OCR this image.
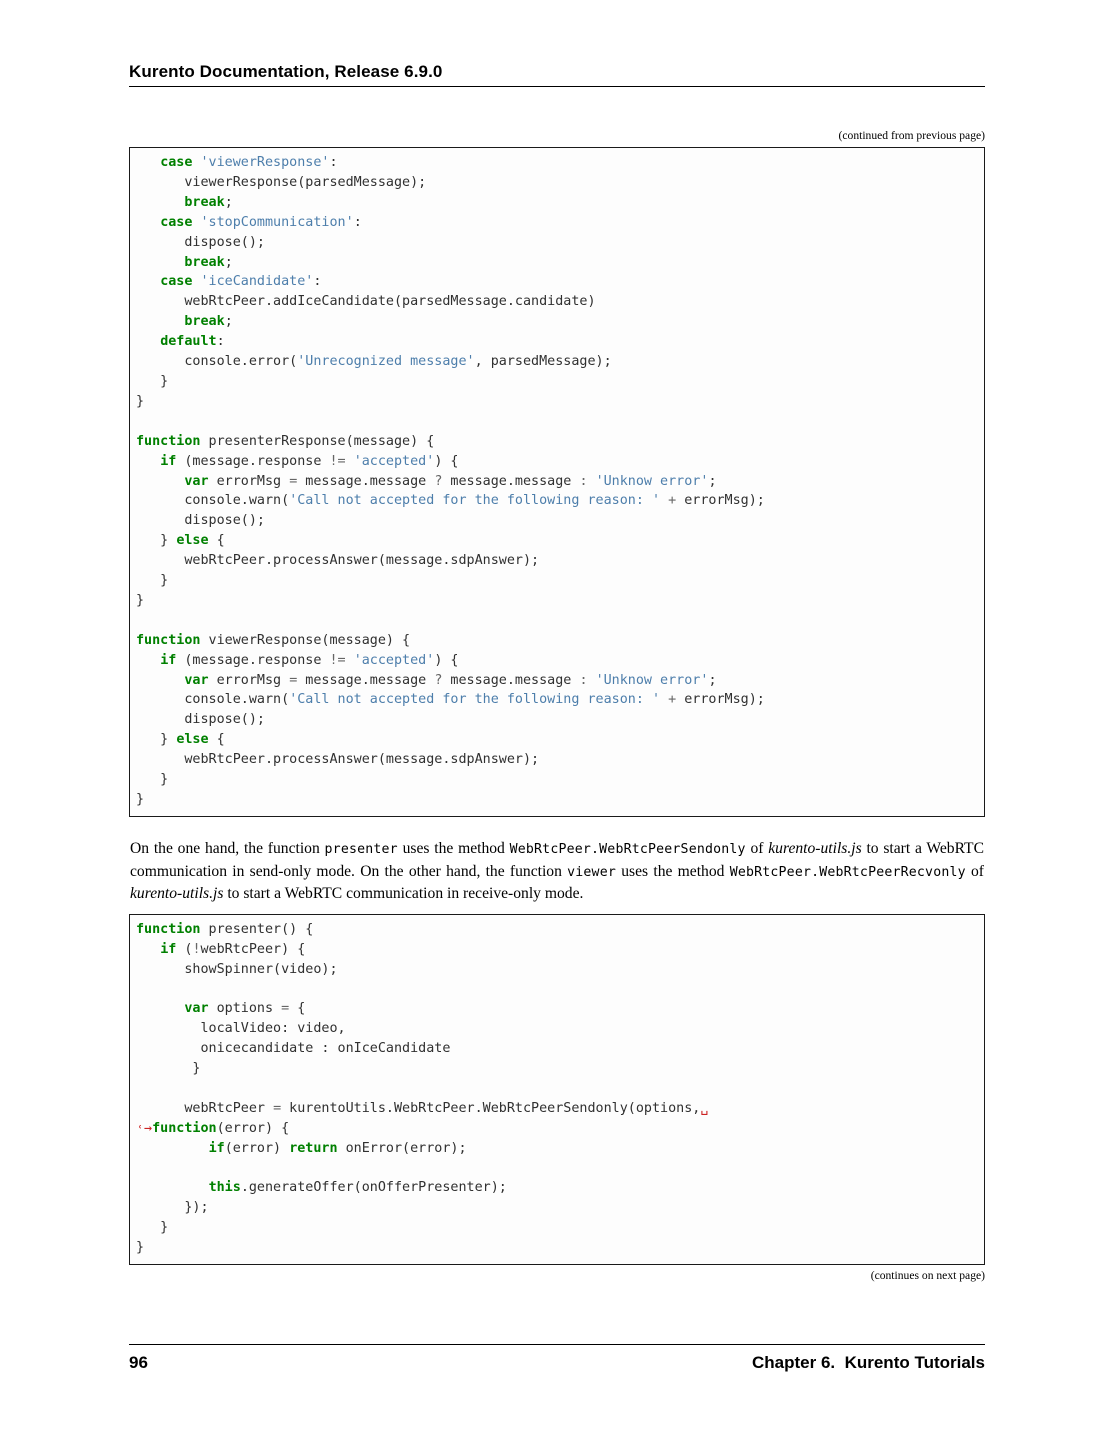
Kurento Documentation, Release 6.9.0
(continued from previous page)
case 'viewerResponse':
viewerResponse(parsedMessage);
break;
case 'stopCommunication':
dispose();
break;
case 'iceCandidate':
webRtcPeer.addIceCandidate(parsedMessage.candidate)
break;
default:
console.error('Unrecognized message', parsedMessage);
}
}

function presenterResponse(message) {
if (message.response != 'accepted') {
var errorMsg = message.message ? message.message : 'Unknow error';
console.warn('Call not accepted for the following reason: ' + errorMsg);
dispose();
} else {
webRtcPeer.processAnswer(message.sdpAnswer);
}
}

function viewerResponse(message) {
if (message.response != 'accepted') {
var errorMsg = message.message ? message.message : 'Unknow error';
console.warn('Call not accepted for the following reason: ' + errorMsg);
dispose();
} else {
webRtcPeer.processAnswer(message.sdpAnswer);
}
}

On the one hand, the function presenter uses the method WebRtcPeer.WebRtcPeerSendonly of kurento-utils.js to start a WebRTC communication in send-only mode. On the other hand, the function viewer uses the method WebRtcPeer.WebRtcPeerRecvonly of kurento-utils.js to start a WebRTC communication in receive-only mode.

function presenter() {
if (!webRtcPeer) {
showSpinner(video);

var options = {
localVideo: video,
onicecandidate : onIceCandidate
}

webRtcPeer = kurentoUtils.WebRtcPeer.WebRtcPeerSendonly(options,␣
˓→function(error) {
if(error) return onError(error);

this.generateOffer(onOfferPresenter);
});
}
}
(continues on next page)
96	Chapter 6.  Kurento Tutorials
